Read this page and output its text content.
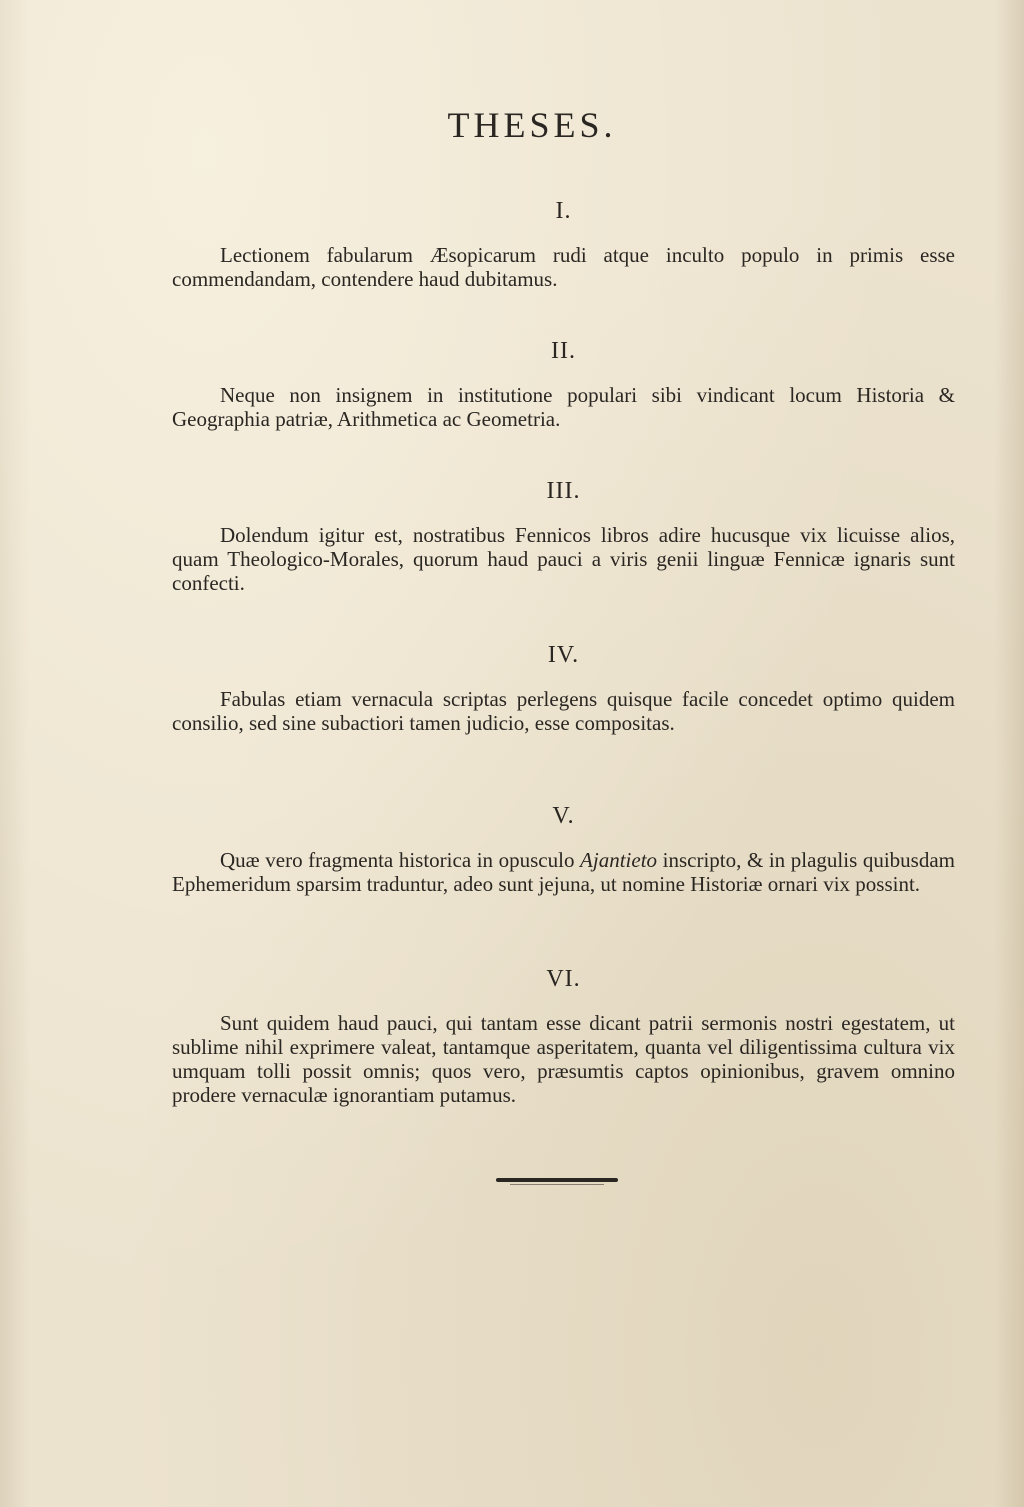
THESES.
I.

Lectionem fabularum Æsopicarum rudi atque inculto populo in primis esse commendandam, contendere haud dubitamus.

II.

Neque non insignem in institutione populari sibi vindicant locum Historia & Geographia patriæ, Arithmetica ac Geometria.

III.

Dolendum igitur est, nostratibus Fennicos libros adire hucusque vix licuisse alios, quam Theologico-Morales, quorum haud pauci a viris genii linguæ Fennicæ ignaris sunt confecti.

IV.

Fabulas etiam vernacula scriptas perlegens quisque facile concedet optimo quidem consilio, sed sine subactiori tamen judicio, esse compositas.

V.

Quæ vero fragmenta historica in opusculo Ajantieto inscripto, & in plagulis quibusdam Ephemeridum sparsim traduntur, adeo sunt jejuna, ut nomine Historiæ ornari vix possint.

VI.

Sunt quidem haud pauci, qui tantam esse dicant patrii sermonis nostri egestatem, ut sublime nihil exprimere valeat, tantamque asperitatem, quanta vel diligentissima cultura vix umquam tolli possit omnis; quos vero, præsumtis captos opinionibus, gravem omnino prodere vernaculæ ignorantiam putamus.
